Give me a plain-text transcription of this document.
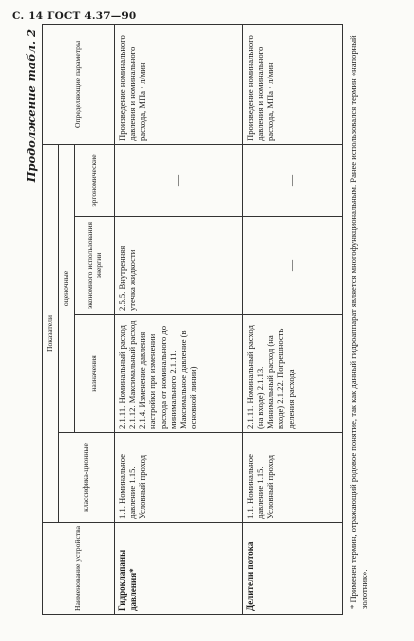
С. 14 ГОСТ 4.37—90
Продолжение табл. 2
Наименование устройства	Показатели				Определяющие параметры
	классифика-ционные	оценочные			
		назначения	экономного использования энергии	эргономические	
Гидроклапаны давления*	1.1. Номинальное давление 1.15. Условный проход	2.1.11. Номинальный расход 2.1.12. Максимальный расход 2.1.4. Изменение давления настройки при изменении расхода от номинального до минимального 2.1.11. Максимальное давление (в основной линии)	2.5.5. Внутренняя утечка жидкости	—	Произведение номинального давления и номинального расхода, МПа · л/мин
Делители потока	1.1. Номинальное давление 1.15. Условный проход	2.1.11. Номинальный расход (на входе) 2.1.13. Минимальный расход (на входе) 2.1.22. Погрешность деления расхода	—	—	Произведение номинального давления и номинального расхода, МПа · л/мин	* Применен термин, отражающий родовое понятие, так как данный гидроаппарат является многофункциональным. Ранее использовался термин «напорный золотник».
